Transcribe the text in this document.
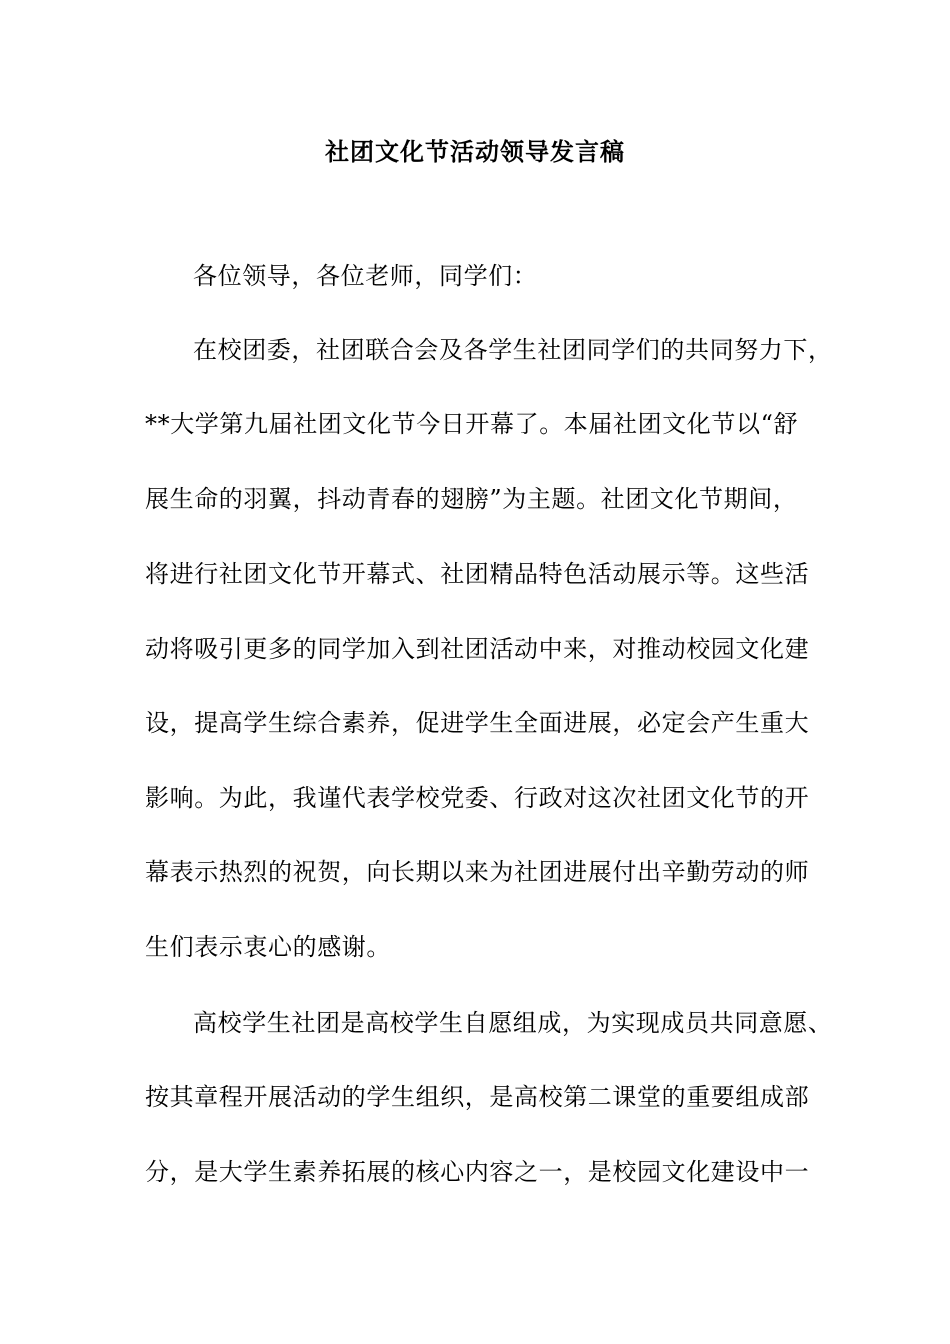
社团文化节活动领导发言稿
各位领导，各位老师，同学们：
在校团委，社团联合会及各学生社团同学们的共同努力下，
**大学第九届社团文化节今日开幕了。本届社团文化节以“舒
展生命的羽翼，抖动青春的翅膀”为主题。社团文化节期间，
将进行社团文化节开幕式、社团精品特色活动展示等。这些活
动将吸引更多的同学加入到社团活动中来，对推动校园文化建
设，提高学生综合素养，促进学生全面进展，必定会产生重大
影响。为此，我谨代表学校党委、行政对这次社团文化节的开
幕表示热烈的祝贺，向长期以来为社团进展付出辛勤劳动的师
生们表示衷心的感谢。
高校学生社团是高校学生自愿组成，为实现成员共同意愿、
按其章程开展活动的学生组织，是高校第二课堂的重要组成部
分，是大学生素养拓展的核心内容之一，是校园文化建设中一
